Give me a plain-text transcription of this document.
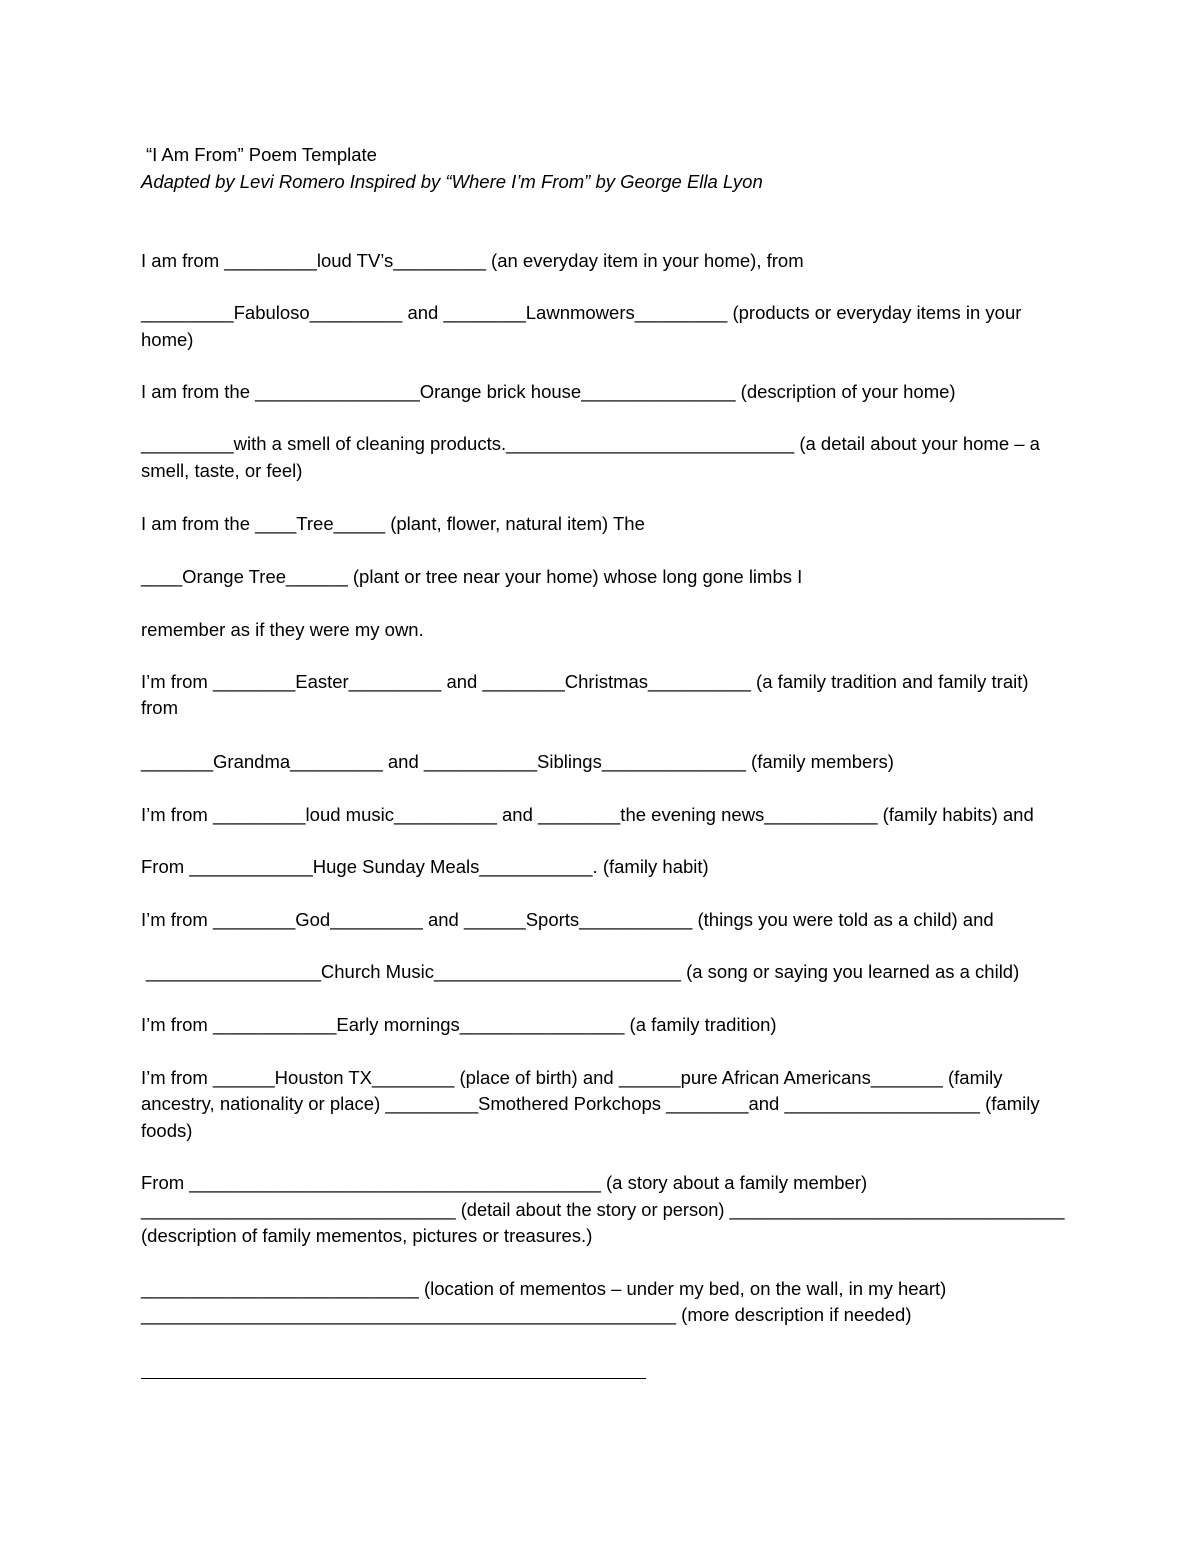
“I Am From” Poem Template

Adapted by Levi Romero Inspired by “Where I’m From” by George Ella Lyon

I am from _________loud TV’s_________ (an everyday item in your home), from

_________Fabuloso_________ and ________Lawnmowers_________ (products or everyday items in your

home)

I am from the ________________Orange brick house_______________ (description of your home)

_________with a smell of cleaning products.____________________________ (a detail about your home – a

smell, taste, or feel)

I am from the ____Tree_____ (plant, flower, natural item) The

____Orange Tree______ (plant or tree near your home) whose long gone limbs I

remember as if they were my own.

I’m from ________Easter_________ and ________Christmas__________ (a family tradition and family trait)

from

_______Grandma_________ and ___________Siblings______________ (family members)

I’m from _________loud music__________ and ________the evening news___________ (family habits) and

From ____________Huge Sunday Meals___________. (family habit)

I’m from ________God_________ and ______Sports___________ (things you were told as a child) and

_________________Church Music________________________ (a song or saying you learned as a child)

I’m from ____________Early mornings________________ (a family tradition)

I’m from ______Houston TX________ (place of birth) and ______pure African Americans_______ (family

ancestry, nationality or place) _________Smothered Porkchops ________and ___________________ (family

foods)

From ________________________________________ (a story about a family member)

_______________________________ (detail about the story or person) _________________________________

(description of family mementos, pictures or treasures.)

___________________________ (location of mementos – under my bed, on the wall, in my heart)

____________________________________________________ (more description if needed)
